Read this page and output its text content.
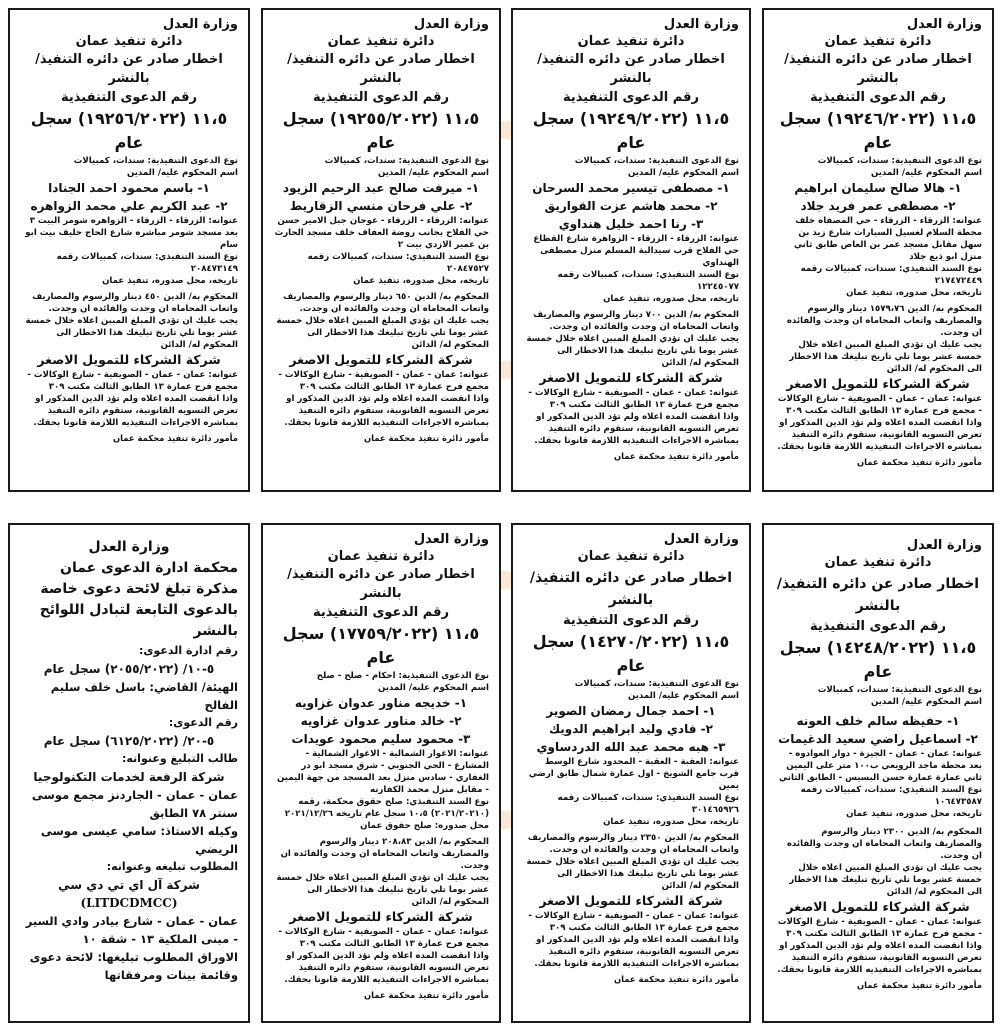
وزارة العدل
دائرة تنفيذ عمان
اخطار صادر عن دائره التنفيذ/ بالنشر
رقم الدعوى التنفيذية
١١،٥ (١٩٢٤٦/٢٠٢٢) سجل عام
نوع الدعوى التنفيذية: سندات، كمبيالات
اسم المحكوم عليه/ المدين
١- هالا صالح سليمان ابراهيم
٢- مصطفى عمر فريد جلاد
عنوانه: الزرقاء - الزرقاء - حي المصفاه خلف محطة السلام لغسيل السيارات شارع زيد بن سهل مقابل مسجد عمر بن العاص طابق ثاني منزل ابو ذيع جلاد
نوع السند التنفيذي: سندات، كمبيالات رقمه ٢١٧٤٧٢٤٤٩
تاريخه، محل صدوره، تنفيذ عمان
المحكوم به/ الدين ١٥٧٩،٧٦ دينار والرسوم والمصاريف واتعاب المحاماه ان وجدت والفائده ان وجدت.
يجب عليك ان تؤدي المبلغ المبين اعلاه خلال خمسة عشر يوما تلي تاريخ تبليغك هذا الاخطار الى المحكوم له/ الدائن
شركة الشركاء للتمويل الاصغر
عنوانه: عمان - عمان - الصويفية - شارع الوكالات - مجمع فرح عمارة ١٣ الطابق الثالث مكتب ٣٠٩
واذا انقضت المده اعلاه ولم تؤد الدين المذكور او تعرض التسويه القانونية، ستقوم دائره التنفيذ بمباشره الاجراءات التنفيذيه اللازمة قانونا بحقك.
مأمور دائرة تنفيذ محكمة عمان
وزارة العدل
دائرة تنفيذ عمان
اخطار صادر عن دائره التنفيذ/ بالنشر
رقم الدعوى التنفيذية
١١،٥ (١٩٢٤٩/٢٠٢٢) سجل عام
نوع الدعوى التنفيذية: سندات، كمبيالات
اسم المحكوم عليه/ المدين
١- مصطفى تيسير محمد السرحان
٢- محمد هاشم عزت القواريق
٣- رنا احمد خليل هنداوي
عنوانه: الزرقاء - الزرقاء - الزواهرة شارع القطاع حي الفلاح قرب سيدالية المسلم منزل مصطفى الهنداوي
نوع السند التنفيذي: سندات، كمبيالات رقمه ١٢٢٤٥٠٧٧
تاريخه، محل صدوره، تنفيذ عمان
المحكوم به/ الدين ٧٠٠ دينار والرسوم والمصاريف واتعاب المحاماه ان وجدت والفائده ان وجدت.
يجب عليك ان تؤدي المبلغ المبين اعلاه خلال خمسة عشر يوما تلي تاريخ تبليغك هذا الاخطار الى المحكوم له/ الدائن
شركة الشركاء للتمويل الاصغر
عنوانه: عمان - عمان - الصويفية - شارع الوكالات - مجمع فرح عمارة ١٣ الطابق الثالث مكتب ٣٠٩
واذا انقضت المده اعلاه ولم تؤد الدين المذكور او تعرض التسويه القانونية، ستقوم دائره التنفيذ بمباشره الاجراءات التنفيذيه اللازمة قانونا بحقك.
مأمور دائرة تنفيذ محكمة عمان
وزارة العدل
دائرة تنفيذ عمان
اخطار صادر عن دائره التنفيذ/ بالنشر
رقم الدعوى التنفيذية
١١،٥ (١٩٢٥٥/٢٠٢٢) سجل عام
نوع الدعوى التنفيذية: سندات، كمبيالات
اسم المحكوم عليه/ المدين
١- ميرفت صالح عبد الرحيم الزيود
٢- علي فرحان منسي الزقاريط
عنوانه: الزرقاء - الزرقاء - عوجان جبل الامير حسن حي الفلاح بجانب روضة العفاف خلف مسجد الحارث بن عمير الازدي بيت ٢
نوع السند التنفيذي: سندات، كمبيالات رقمه ٢٠٨٤٧٥٢٧
تاريخه، محل صدوره، تنفيذ عمان
المحكوم به/ الدين ٦٥٠ دينار والرسوم والمصاريف واتعاب المحاماه ان وجدت والفائده ان وجدت.
يجب عليك ان تؤدي المبلغ المبين اعلاه خلال خمسة عشر يوما تلي تاريخ تبليغك هذا الاخطار الى المحكوم له/ الدائن
شركة الشركاء للتمويل الاصغر
عنوانه: عمان - عمان - الصويفية - شارع الوكالات - مجمع فرح عمارة ١٣ الطابق الثالث مكتب ٣٠٩
واذا انقضت المده اعلاه ولم تؤد الدين المذكور او تعرض التسويه القانونية، ستقوم دائره التنفيذ بمباشره الاجراءات التنفيذيه اللازمة قانونا بحقك.
مأمور دائرة تنفيذ محكمة عمان
وزارة العدل
دائرة تنفيذ عمان
اخطار صادر عن دائره التنفيذ/ بالنشر
رقم الدعوى التنفيذية
١١،٥ (١٩٢٥٦/٢٠٢٢) سجل عام
نوع الدعوى التنفيذية: سندات، كمبيالات
اسم المحكوم عليه/ المدين
١- باسم محمود احمد الجنادا
٢- عبد الكريم علي محمد الزواهره
عنوانه: الزرقاء - الزرقاء - الزواهره شومر البيت ٣ بعد مسجد شومر مباشره شارع الحاج خليف بيت ابو سام
نوع السند التنفيذي: سندات، كمبيالات رقمه ٢٠٨٤٧٣١٤٩
تاريخه، محل صدوره، تنفيذ عمان
المحكوم به/ الدين ٤٥٠ دينار والرسوم والمصاريف واتعاب المحاماه ان وجدت والفائده ان وجدت.
يجب عليك ان تؤدي المبلغ المبين اعلاه خلال خمسة عشر يوما تلي تاريخ تبليغك هذا الاخطار الى المحكوم له/ الدائن
شركة الشركاء للتمويل الاصغر
عنوانه: عمان - عمان - الصويفية - شارع الوكالات - مجمع فرح عمارة ١٣ الطابق الثالث مكتب ٣٠٩
واذا انقضت المده اعلاه ولم تؤد الدين المذكور او تعرض التسويه القانونية، ستقوم دائره التنفيذ بمباشره الاجراءات التنفيذيه اللازمة قانونا بحقك.
مأمور دائرة تنفيذ محكمة عمان
وزارة العدل
دائرة تنفيذ عمان
اخطار صادر عن دائره التنفيذ/ بالنشر
رقم الدعوى التنفيذية
١١،٥ (١٤٢٤٨/٢٠٢٢) سجل عام
نوع الدعوى التنفيذية: سندات، كمبيالات
اسم المحكوم عليه/ المدين
١- حفيظه سالم خلف العونه
٢- اسماعيل راضي سعيد الدغيمات
عنوانه: عمان - عمان - الجيزة - دوار العوادوه - بعد محطة ماجد الرويعي ب١٠٠ متر على اليمين ثاني عمارة عمارة حسن البسيس - الطابق الثاني
نوع السند التنفيذي: سندات، كمبيالات رقمه ١٠٦٤٧٣٥٨٧
تاريخه، محل صدوره، تنفيذ عمان
المحكوم به/ الدين ٢٣٠٠ دينار والرسوم والمصاريف واتعاب المحاماه ان وجدت والفائده ان وجدت.
يجب عليك ان تؤدي المبلغ المبين اعلاه خلال خمسة عشر يوما تلي تاريخ تبليغك هذا الاخطار الى المحكوم له/ الدائن
شركة الشركاء للتمويل الاصغر
عنوانه: عمان - عمان - الصويفية - شارع الوكالات - مجمع فرح عمارة ١٣ الطابق الثالث مكتب ٣٠٩
واذا انقضت المده اعلاه ولم تؤد الدين المذكور او تعرض التسويه القانونية، ستقوم دائره التنفيذ بمباشره الاجراءات التنفيذيه اللازمة قانونا بحقك.
مأمور دائرة تنفيذ محكمة عمان
وزارة العدل
دائرة تنفيذ عمان
اخطار صادر عن دائره التنفيذ/ بالنشر
رقم الدعوى التنفيذية
١١،٥ (١٤٢٧٠/٢٠٢٢) سجل عام
نوع الدعوى التنفيذية: سندات، كمبيالات
اسم المحكوم عليه/ المدين
١- احمد جمال رمضان الصوير
٢- فادي وليد ابراهيم الدويك
٣- هبه محمد عبد الله الدردساوي
عنوانه: العقبة - العقبة - المحدود شارع الوسط قرب جامع الشويخ - اول عمارة شمال طابق ارضي يمين
نوع السند التنفيذي: سندات، كمبيالات رقمه ٣٠١٤٦٥٩٢٦
تاريخه، محل صدوره، تنفيذ عمان
المحكوم به/ الدين ٢٣٥٠ دينار والرسوم والمصاريف واتعاب المحاماه ان وجدت والفائده ان وجدت.
يجب عليك ان تؤدي المبلغ المبين اعلاه خلال خمسة عشر يوما تلي تاريخ تبليغك هذا الاخطار الى المحكوم له/ الدائن
شركة الشركاء للتمويل الاصغر
عنوانه: عمان - عمان - الصويفية - شارع الوكالات - مجمع فرح عمارة ١٣ الطابق الثالث مكتب ٣٠٩
واذا انقضت المده اعلاه ولم تؤد الدين المذكور او تعرض التسويه القانونية، ستقوم دائره التنفيذ بمباشره الاجراءات التنفيذيه اللازمة قانونا بحقك.
مأمور دائرة تنفيذ محكمة عمان
وزارة العدل
دائرة تنفيذ عمان
اخطار صادر عن دائره التنفيذ/ بالنشر
رقم الدعوى التنفيذية
١١،٥ (١٧٧٥٩/٢٠٢٢) سجل عام
نوع الدعوى التنفيذية: احكام - صلح - صلح
اسم المحكوم عليه/ المدين
١- خديجه مناور عدوان غزاويه
٢- خالد مناور عدوان غزاويه
٣- محمود سليم محمود عويدات
عنوانه: الاغوار الشمالية - الاغوار الشمالية - المشارع - الحي الجنوبي - شرق مسجد ابو در الغفاري - سادس منزل بعد المسجد من جهة اليمين - مقابل منزل محمد الكفارنه
نوع السند التنفيذي: صلح حقوق محكمة، رقمه (٢٠٢١/٢٠٢١٠) ١٠،٥ سجل عام تاريخه ٢٠٢١/١٢/٢٦ محل صدوره: صلح حقوق عمان
المحكوم به/ الدين ٢٠٨،٨٣ دينار والرسوم والمصاريف واتعاب المحاماه ان وجدت والفائده ان وجدت.
يجب عليك ان تؤدي المبلغ المبين اعلاه خلال خمسة عشر يوما تلي تاريخ تبليغك هذا الاخطار الى المحكوم له/ الدائن
شركة الشركاء للتمويل الاصغر
عنوانه: عمان - عمان - الصويفية - شارع الوكالات - مجمع فرح عمارة ١٣ الطابق الثالث مكتب ٣٠٩
واذا انقضت المده اعلاه ولم تؤد الدين المذكور او تعرض التسويه القانونية، ستقوم دائره التنفيذ بمباشره الاجراءات التنفيذيه اللازمة قانونا بحقك.
مأمور دائرة تنفيذ محكمة عمان
وزارة العدل
محكمة ادارة الدعوى عمان
مذكرة تبلغ لائحة دعوى خاصة
بالدعوى التابعة لتبادل اللوائح بالنشر
رقم ادارة الدعوى:
٥-١٠/ (٢٠٥٥/٢٠٢٢) سجل عام
الهيئة/ القاضي: باسل خلف سليم الفالح
رقم الدعوى:
٥-٢٠/ (٦١٢٥/٢٠٢٢) سجل عام
طالب التبليغ وعنوانه:
شركة الرفعة لخدمات التكنولوجيا
عمان - عمان - الجاردنز مجمع موسى سنتر ٧٨ الطابق
وكيله الاستاذ: سامي عيسى موسى الريضي
المطلوب تبليغه وعنوانه:
شركة آل اي تي دي سي
(LITDCDMCC)
عمان - عمان - شارع بيادر وادي السير - مبنى الملكية ١٣ - شقة ١٠
الاوراق المطلوب تبليغها: لائحة دعوى وقائمة بينات ومرفقاتها
